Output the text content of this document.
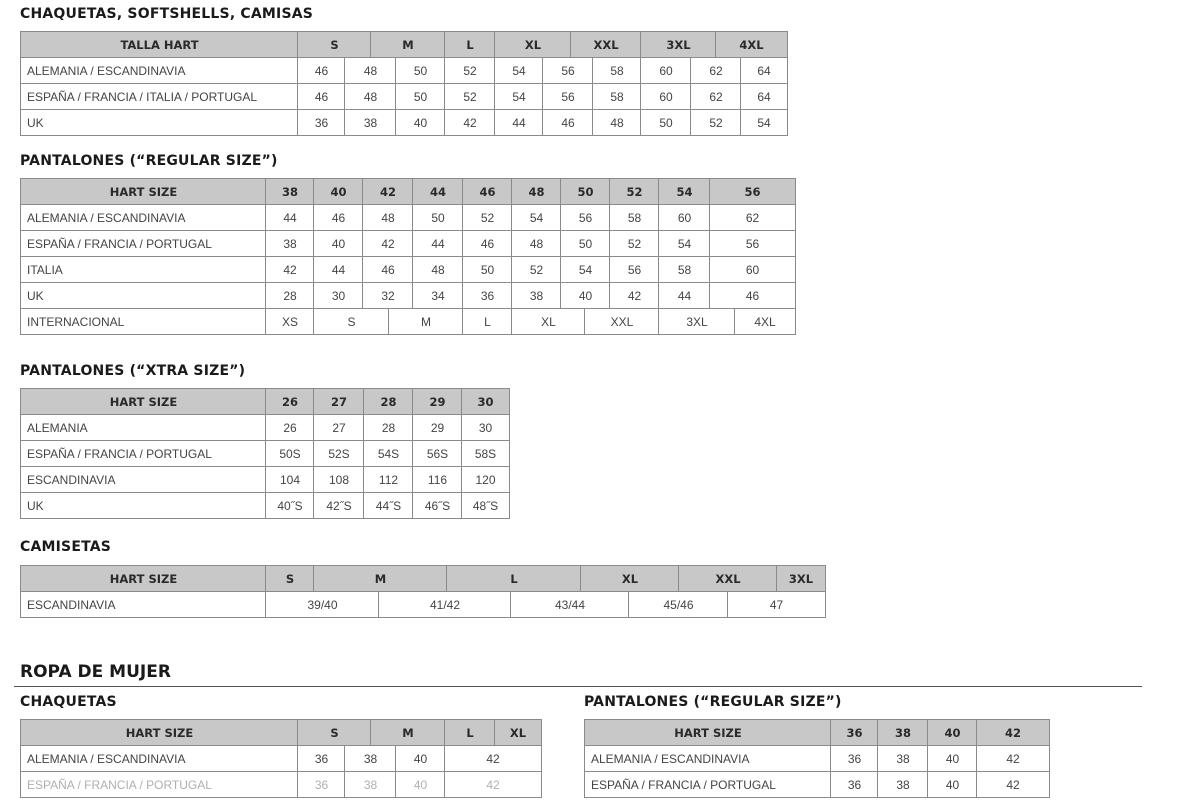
CHAQUETAS, SOFTSHELLS, CAMISAS
TALLA HART	S	M	L	XL	XXL	3XL	4XL
ALEMANIA / ESCANDINAVIA	46	48	50	52	54	56	58	60	62	64
ESPAÑA / FRANCIA / ITALIA / PORTUGAL	46	48	50	52	54	56	58	60	62	64
UK	36	38	40	42	44	46	48	50	52	54
PANTALONES (“REGULAR SIZE”)
HART SIZE	38	40	42	44	46	48	50	52	54	56
ALEMANIA / ESCANDINAVIA	44	46	48	50	52	54	56	58	60	62
ESPAÑA / FRANCIA / PORTUGAL	38	40	42	44	46	48	50	52	54	56
ITALIA	42	44	46	48	50	52	54	56	58	60
UK	28	30	32	34	36	38	40	42	44	46
INTERNACIONAL	XS	S	M	L	XL	XXL	3XL	4XL
PANTALONES (“XTRA SIZE”)
HART SIZE	26	27	28	29	30
ALEMANIA	26	27	28	29	30
ESPAÑA / FRANCIA / PORTUGAL	50S	52S	54S	56S	58S
ESCANDINAVIA	104	108	112	116	120
UK	40˝S	42˝S	44˝S	46˝S	48˝S
CAMISETAS
HART SIZE	S	M	L	XL	XXL	3XL
ESCANDINAVIA	39/40	41/42	43/44	45/46	47
ROPA DE MUJER
CHAQUETAS
HART SIZE	S	M	L	XL
ALEMANIA / ESCANDINAVIA	36	38	40	42
ESPAÑA / FRANCIA / PORTUGAL	36	38	40	42
PANTALONES (“REGULAR SIZE”)
HART SIZE	36	38	40	42
ALEMANIA / ESCANDINAVIA	36	38	40	42
ESPAÑA / FRANCIA / PORTUGAL	36	38	40	42
